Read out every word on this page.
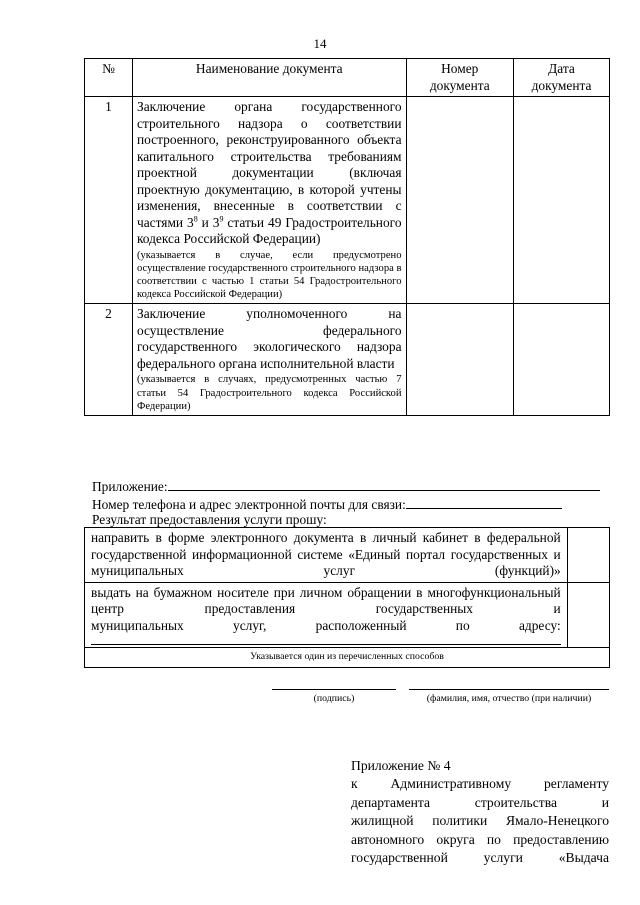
14
№	Наименование документа	Номер документа	Дата документа
1	Заключение органа государственного строительного надзора о соответствии построенного, реконструированного объекта капитального строительства требованиям проектной документации (включая проектную документацию, в которой учтены изменения, внесенные в соответствии с частями $3^8$ и $3^9$ статьи 49 Градостроительного кодекса Российской Федерации)
(указывается в случае, если предусмотрено осуществление государственного строительного надзора в соответствии с частью 1 статьи 54 Градостроительного кодекса Российской Федерации)		

2	Заключение уполномоченного на осуществление федерального государственного экологического надзора федерального органа исполнительной власти
(указывается в случаях, предусмотренных частью 7 статьи 54 Градостроительного кодекса Российской Федерации)		

Приложение:
Номер телефона и адрес электронной почты для связи:
Результат предоставления услуги прошу:
направить в форме электронного документа в личный кабинет в федеральной государственной информационной системе «Единый портал государственных и муниципальных услуг (функций)»	

выдать на бумажном носителе при личном обращении в многофункциональный центр предоставления государственных и
муниципальных услуг, расположенный по адресу:	

Указывается один из перечисленных способов	
(подпись)	(фамилия, имя, отчество (при наличии)
Приложение № 4
к Административному регламенту
департамента строительства и
жилищной политики Ямало-Ненецкого
автономного округа по предоставлению
государственной услуги «Выдача
